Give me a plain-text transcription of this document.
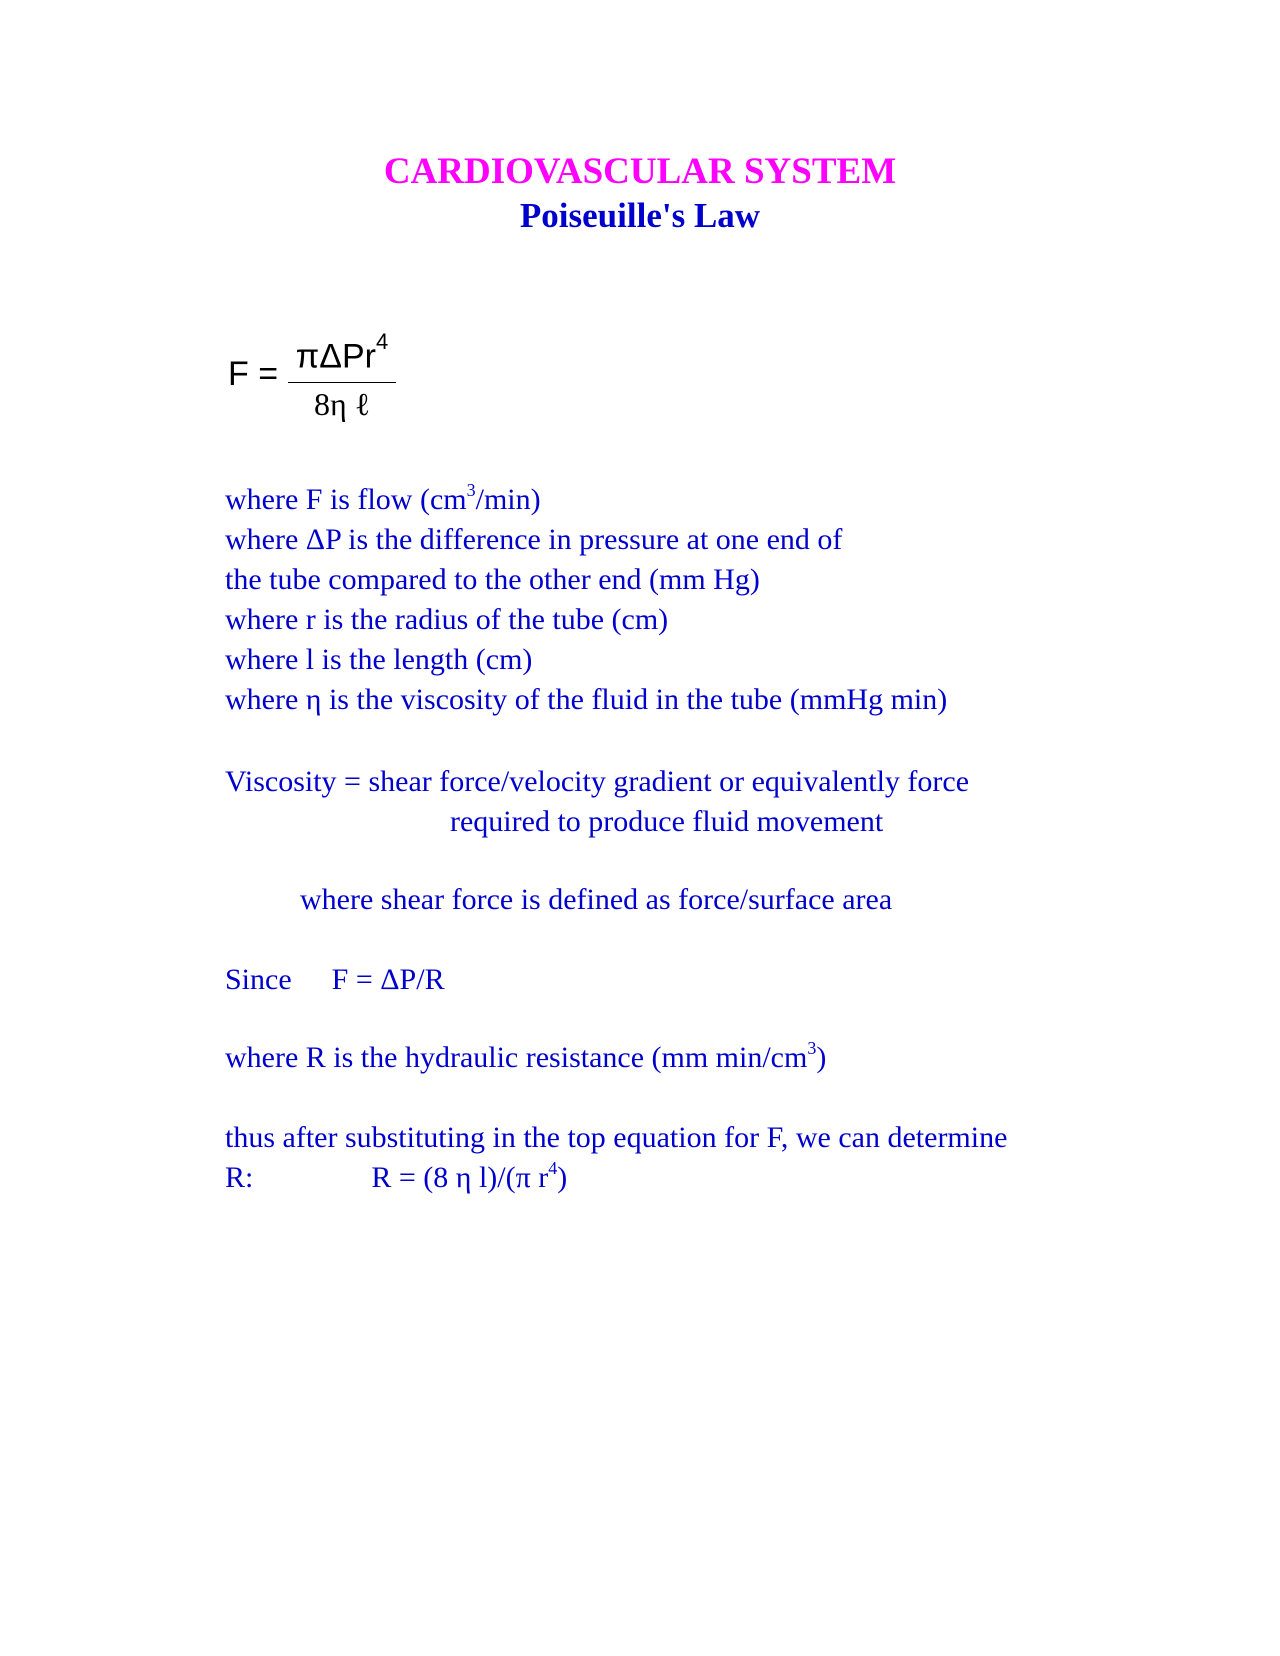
CARDIOVASCULAR SYSTEM
Poiseuille's Law
F = πΔPr$^4$
8η ℓ
where F is flow $(cm^3/\min)$
where ΔP is the difference in pressure at one end of
the tube compared to the other end (mm Hg)
where r is the radius of the tube (cm)
where l is the length (cm)
where η is the viscosity of the fluid in the tube (mmHg min)
Viscosity = shear force/velocity gradient or equivalently force
required to produce fluid movement
where shear force is defined as force/surface area
Since F = ΔP/R
where R is the hydraulic resistance (mm $\min/cm^3$)
thus after substituting in the top equation for F, we can determine
R:	R = (8 η l)/(π $r^4$)
